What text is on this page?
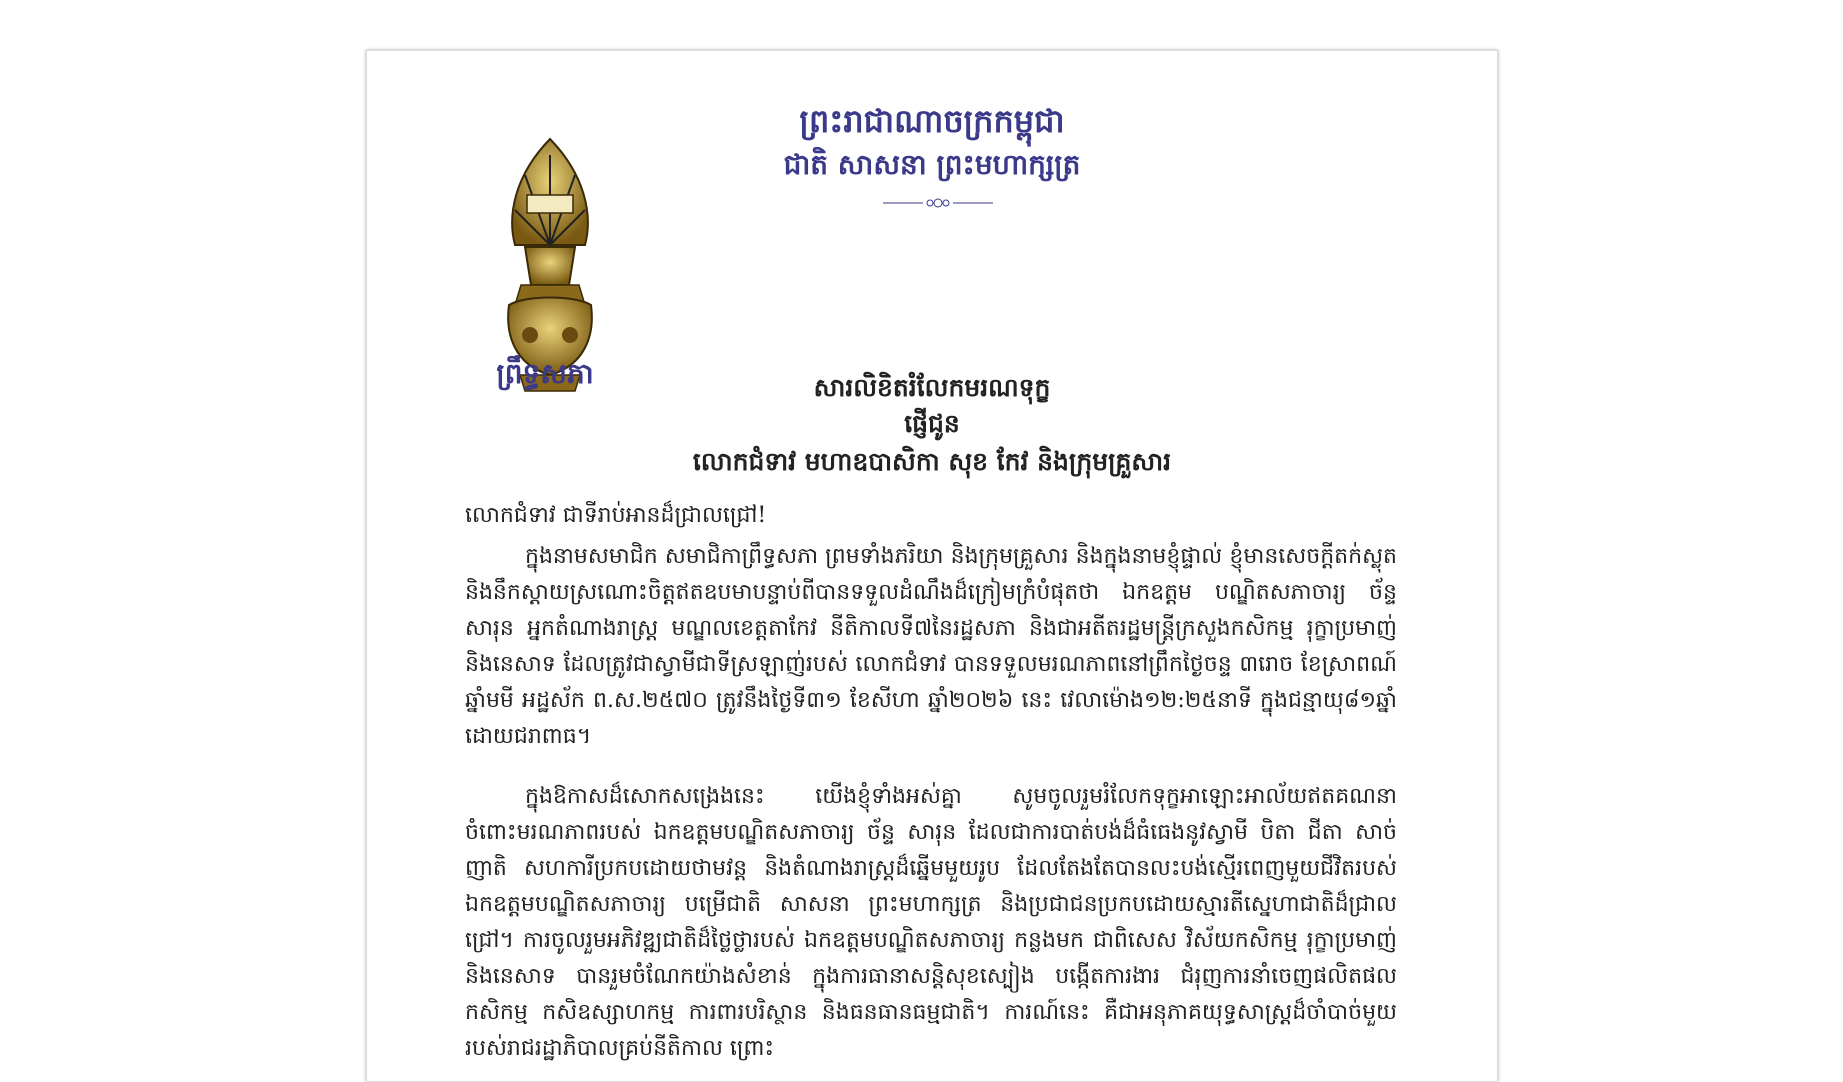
ព្រះរាជាណាចក្រកម្ពុជា
ជាតិ សាសនា ព្រះមហាក្សត្រ
ព្រឹទ្ធសភា	សារលិខិតរំលែកមរណទុក្ខ
ផ្ញើជូន
លោកជំទាវ មហាឧបាសិកា សុខ កែវ និងក្រុមគ្រួសារ
លោកជំទាវ ជាទីរាប់អានដ៏ជ្រាលជ្រៅ!
ក្នុងនាមសមាជិក សមាជិកាព្រឹទ្ធសភា ព្រមទាំងភរិយា និងក្រុមគ្រួសារ និងក្នុងនាមខ្ញុំផ្ទាល់ ខ្ញុំមានសេចក្តីតក់ស្លុត និងនឹកស្តាយស្រណោះចិត្តឥតឧបមាបន្ទាប់ពីបានទទួលដំណឹងដ៏ក្រៀមក្រំបំផុតថា ឯកឧត្តម បណ្ឌិតសភាចារ្យ ច័ន្ទ សារុន អ្នកតំណាងរាស្ត្រ មណ្ឌលខេត្តតាកែវ នីតិកាលទី៧នៃរដ្ឋសភា និងជាអតីតរដ្ឋមន្ត្រីក្រសួងកសិកម្ម រុក្ខាប្រមាញ់ និងនេសាទ ដែលត្រូវជាស្វាមីជាទីស្រឡាញ់របស់ លោកជំទាវ បានទទួលមរណភាពនៅព្រឹកថ្ងៃចន្ទ ៣រោច ខែស្រាពណ៍ ឆ្នាំមមី អដ្ឋស័ក ព.ស.២៥៧០ ត្រូវនឹងថ្ងៃទី៣១ ខែសីហា ឆ្នាំ២០២៦ នេះ វេលាម៉ោង១២:២៥នាទី ក្នុងជន្មាយុ៨១ឆ្នាំ ដោយជរាពាធ។
ក្នុងឱកាសដ៏សោកសង្រេងនេះ យើងខ្ញុំទាំងអស់គ្នា សូមចូលរួមរំលែកទុក្ខអាឡោះអាល័យឥតគណនា ចំពោះមរណភាពរបស់ ឯកឧត្តមបណ្ឌិតសភាចារ្យ ច័ន្ទ សារុន ដែលជាការបាត់បង់ដ៏ធំធេងនូវស្វាមី បិតា ជីតា សាច់ញាតិ សហការីប្រកបដោយថាមវន្ត និងតំណាងរាស្ត្រដ៏ឆ្នើមមួយរូប ដែលតែងតែបានលះបង់ស្មើរពេញមួយជីវិតរបស់ ឯកឧត្តមបណ្ឌិតសភាចារ្យ បម្រើជាតិ សាសនា ព្រះមហាក្សត្រ និងប្រជាជនប្រកបដោយស្មារតីស្នេហាជាតិដ៏ជ្រាលជ្រៅ។ ការចូលរួមអភិវឌ្ឍជាតិដ៏ថ្លៃថ្លារបស់ ឯកឧត្តមបណ្ឌិតសភាចារ្យ កន្លងមក ជាពិសេស វិស័យកសិកម្ម រុក្ខាប្រមាញ់ និងនេសាទ បានរួមចំណែកយ៉ាងសំខាន់ ក្នុងការធានាសន្តិសុខស្បៀង បង្កើតការងារ ជំរុញការនាំចេញផលិតផលកសិកម្ម កសិឧស្សាហកម្ម ការពារបរិស្ថាន និងធនធានធម្មជាតិ។ ការណ៍នេះ គឺជាអនុភាគយុទ្ធសាស្ត្រដ៏ចាំបាច់មួយរបស់រាជរដ្ឋាភិបាលគ្រប់នីតិកាល ព្រោះ
